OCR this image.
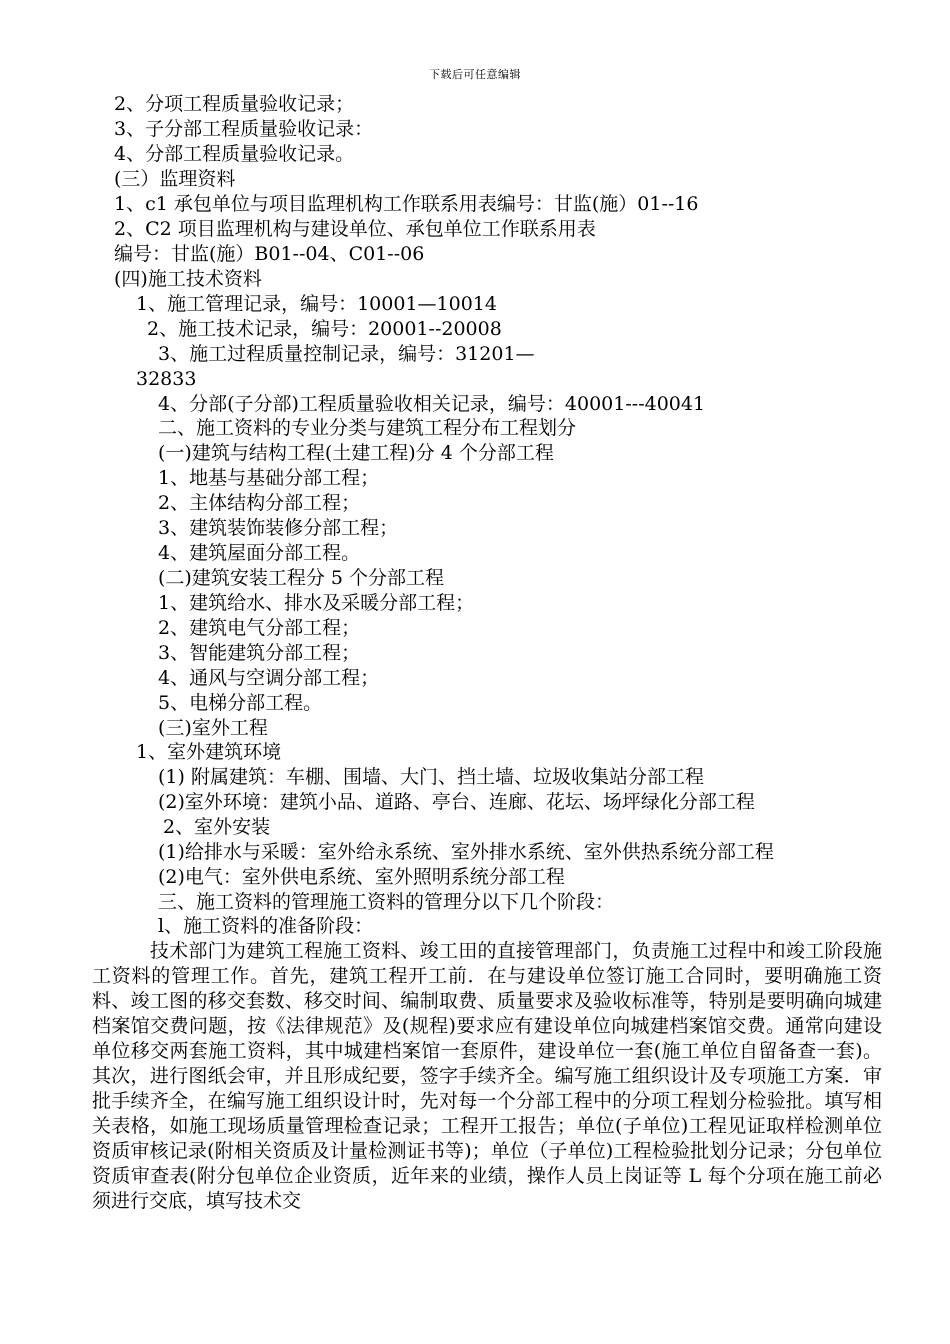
下载后可任意编辑
2、分项工程质量验收记录；
3、子分部工程质量验收记录：
4、分部工程质量验收记录。
(三）监理资料
1、c1 承包单位与项目监理机构工作联系用表编号：甘监(施）01--16
2、C2 项目监理机构与建设单位、承包单位工作联系用表
编号：甘监(施）B01--04、C01--06
(四)施工技术资料
1、施工管理记录，编号：10001—10014
2、施工技术记录，编号：20001--20008
3、施工过程质量控制记录，编号：31201—
32833
4、分部(子分部)工程质量验收相关记录，编号：40001---40041
二、施工资料的专业分类与建筑工程分布工程划分
(一)建筑与结构工程(土建工程)分 4 个分部工程
1、地基与基础分部工程；
2、主体结构分部工程；
3、建筑装饰装修分部工程；
4、建筑屋面分部工程。
(二)建筑安装工程分 5 个分部工程
1、建筑给水、排水及采暖分部工程；
2、建筑电气分部工程；
3、智能建筑分部工程；
4、通风与空调分部工程；
5、电梯分部工程。
(三)室外工程
1、室外建筑环境
(1) 附属建筑：车棚、围墙、大门、挡土墙、垃圾收集站分部工程
(2)室外环境：建筑小品、道路、亭台、连廊、花坛、场坪绿化分部工程
2、室外安装
(1)给排水与采暖：室外给永系统、室外排水系统、室外供热系统分部工程
(2)电气：室外供电系统、室外照明系统分部工程
三、施工资料的管理施工资料的管理分以下几个阶段：
l、施工资料的准备阶段：
　　　技术部门为建筑工程施工资料、竣工田的直接管理部门，负责施工过程中和竣工阶段施工资料的管理工作。首先，建筑工程开工前．在与建设单位签订施工合同时，要明确施工资料、竣工图的移交套数、移交时间、编制取费、质量要求及验收标准等，特别是要明确向城建档案馆交费问题，按《法律规范》及(规程)要求应有建设单位向城建档案馆交费。通常向建设单位移交两套施工资料，其中城建档案馆一套原件，建设单位一套(施工单位自留备查一套)。其次，进行图纸会审，并且形成纪要，签字手续齐全。编写施工组织设计及专项施工方案．审批手续齐全，在编写施工组织设计时，先对每一个分部工程中的分项工程划分检验批。填写相关表格，如施工现场质量管理检查记录；工程开工报告；单位(子单位)工程见证取样检测单位资质审核记录(附相关资质及计量检测证书等)；单位（子单位)工程检验批划分记录；分包单位资质审查表(附分包单位企业资质，近年来的业绩，操作人员上岗证等 L 每个分项在施工前必须进行交底，填写技术交
